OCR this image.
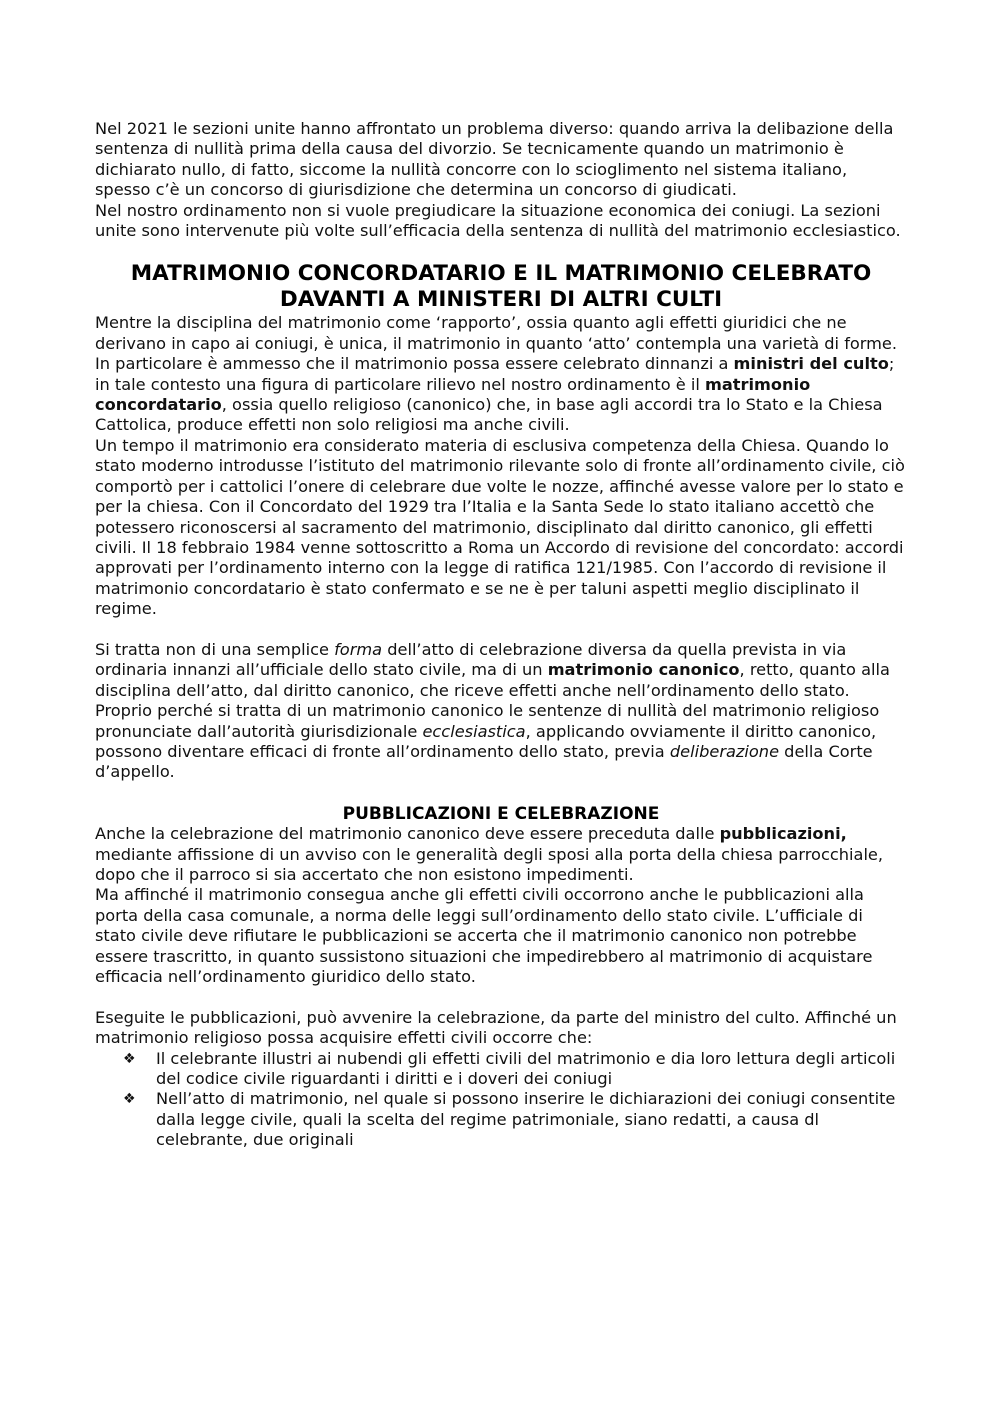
Nel 2021 le sezioni unite hanno affrontato un problema diverso: quando arriva la delibazione della sentenza di nullità prima della causa del divorzio. Se tecnicamente quando un matrimonio è dichiarato nullo, di fatto, siccome la nullità concorre con lo scioglimento nel sistema italiano, spesso c’è un concorso di giurisdizione che determina un concorso di giudicati.

Nel nostro ordinamento non si vuole pregiudicare la situazione economica dei coniugi. La sezioni unite sono intervenute più volte sull’efficacia della sentenza di nullità del matrimonio ecclesiastico.

MATRIMONIO CONCORDATARIO E IL MATRIMONIO CELEBRATO
DAVANTI A MINISTERI DI ALTRI CULTI

Mentre la disciplina del matrimonio come ‘rapporto’, ossia quanto agli effetti giuridici che ne derivano in capo ai coniugi, è unica, il matrimonio in quanto ‘atto’ contempla una varietà di forme.

In particolare è ammesso che il matrimonio possa essere celebrato dinnanzi a ministri del culto; in tale contesto una figura di particolare rilievo nel nostro ordinamento è il matrimonio concordatario, ossia quello religioso (canonico) che, in base agli accordi tra lo Stato e la Chiesa Cattolica, produce effetti non solo religiosi ma anche civili.

Un tempo il matrimonio era considerato materia di esclusiva competenza della Chiesa. Quando lo stato moderno introdusse l’istituto del matrimonio rilevante solo di fronte all’ordinamento civile, ciò comportò per i cattolici l’onere di celebrare due volte le nozze, affinché avesse valore per lo stato e per la chiesa. Con il Concordato del 1929 tra l’Italia e la Santa Sede lo stato italiano accettò che potessero riconoscersi al sacramento del matrimonio, disciplinato dal diritto canonico, gli effetti civili. Il 18 febbraio 1984 venne sottoscritto a Roma un Accordo di revisione del concordato: accordi approvati per l’ordinamento interno con la legge di ratifica 121/1985. Con l’accordo di revisione il matrimonio concordatario è stato confermato e se ne è per taluni aspetti meglio disciplinato il regime.

Si tratta non di una semplice forma dell’atto di celebrazione diversa da quella prevista in via ordinaria innanzi all’ufficiale dello stato civile, ma di un matrimonio canonico, retto, quanto alla disciplina dell’atto, dal diritto canonico, che riceve effetti anche nell’ordinamento dello stato.

Proprio perché si tratta di un matrimonio canonico le sentenze di nullità del matrimonio religioso pronunciate dall’autorità giurisdizionale ecclesiastica, applicando ovviamente il diritto canonico, possono diventare efficaci di fronte all’ordinamento dello stato, previa deliberazione della Corte d’appello.

PUBBLICAZIONI E CELEBRAZIONE

Anche la celebrazione del matrimonio canonico deve essere preceduta dalle pubblicazioni, mediante affissione di un avviso con le generalità degli sposi alla porta della chiesa parrocchiale, dopo che il parroco si sia accertato che non esistono impedimenti.

Ma affinché il matrimonio consegua anche gli effetti civili occorrono anche le pubblicazioni alla porta della casa comunale, a norma delle leggi sull’ordinamento dello stato civile. L’ufficiale di stato civile deve rifiutare le pubblicazioni se accerta che il matrimonio canonico non potrebbe essere trascritto, in quanto sussistono situazioni che impedirebbero al matrimonio di acquistare efficacia nell’ordinamento giuridico dello stato.

Eseguite le pubblicazioni, può avvenire la celebrazione, da parte del ministro del culto. Affinché un matrimonio religioso possa acquisire effetti civili occorre che:

❖ Il celebrante illustri ai nubendi gli effetti civili del matrimonio e dia loro lettura degli articoli del codice civile riguardanti i diritti e i doveri dei coniugi
❖ Nell’atto di matrimonio, nel quale si possono inserire le dichiarazioni dei coniugi consentite dalla legge civile, quali la scelta del regime patrimoniale, siano redatti, a causa dl celebrante, due originali
